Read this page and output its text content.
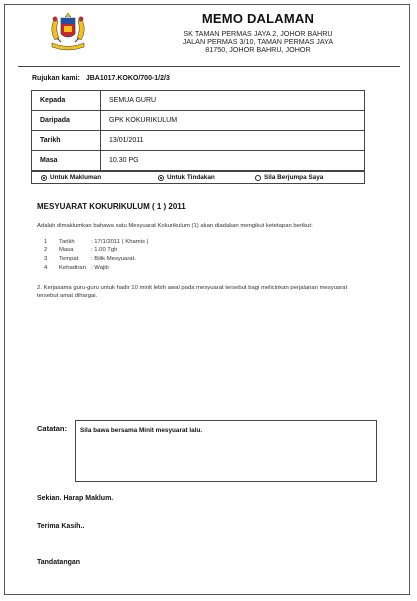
MEMO DALAMAN
SK TAMAN PERMAS JAYA 2, JOHOR BAHRU
JALAN PERMAS 3/10, TAMAN PERMAS JAYA
81750, JOHOR BAHRU, JOHOR
Rujukan kami: JBA1017.KOKO/700-1/2/3
Kepada	SEMUA GURU
Daripada	GPK KOKURIKULUM
Tarikh	13/01/2011
Masa	10.30 PG
Untuk Makluman	Untuk Tindakan	Sila Berjumpa Saya
MESYUARAT KOKURIKULUM ( 1 ) 2011
Adalah dimaklumkan bahawa satu Mesyuarat Kokurikulum (1) akan diadakan mengikut ketetapan berikut:
1	Tarikh	: 17/1/2011 ( Khamis )
2	Masa	: 1.00 Tgh
3	Tempat	: Bilik Mesyuarat.
4	Kehadiran : Wajib
2. Kerjasama guru-guru untuk hadir 10 minit lebih awal pada mesyuarat tersebut bagi melicinkan perjalanan mesyuarat tersebut amat dihargai.
Catatan:	Sila bawa bersama Minit mesyuarat lalu.
Sekian. Harap Maklum.
Terima Kasih..
Tandatangan
